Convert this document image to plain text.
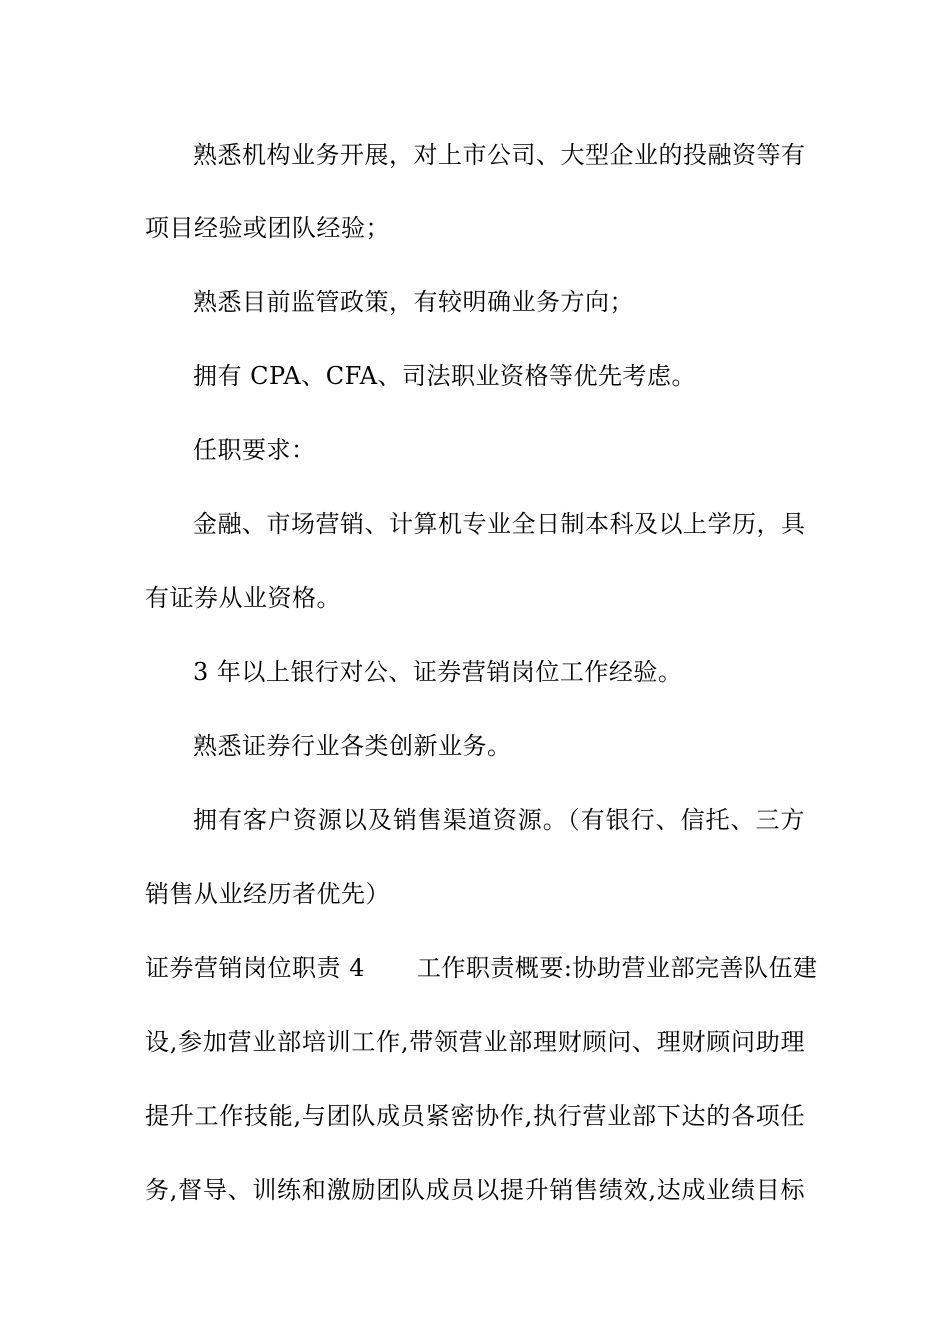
熟悉机构业务开展，对上市公司、大型企业的投融资等有
项目经验或团队经验；
熟悉目前监管政策，有较明确业务方向；
拥有 CPA、CFA、司法职业资格等优先考虑。
任职要求：
金融、市场营销、计算机专业全日制本科及以上学历，具
有证券从业资格。
3 年以上银行对公、证券营销岗位工作经验。
熟悉证券行业各类创新业务。
拥有客户资源以及销售渠道资源。（有银行、信托、三方
销售从业经历者优先）
证券营销岗位职责 4 工作职责概要:协助营业部完善队伍建
设,参加营业部培训工作,带领营业部理财顾问、理财顾问助理
提升工作技能,与团队成员紧密协作,执行营业部下达的各项任
务,督导、训练和激励团队成员以提升销售绩效,达成业绩目标
